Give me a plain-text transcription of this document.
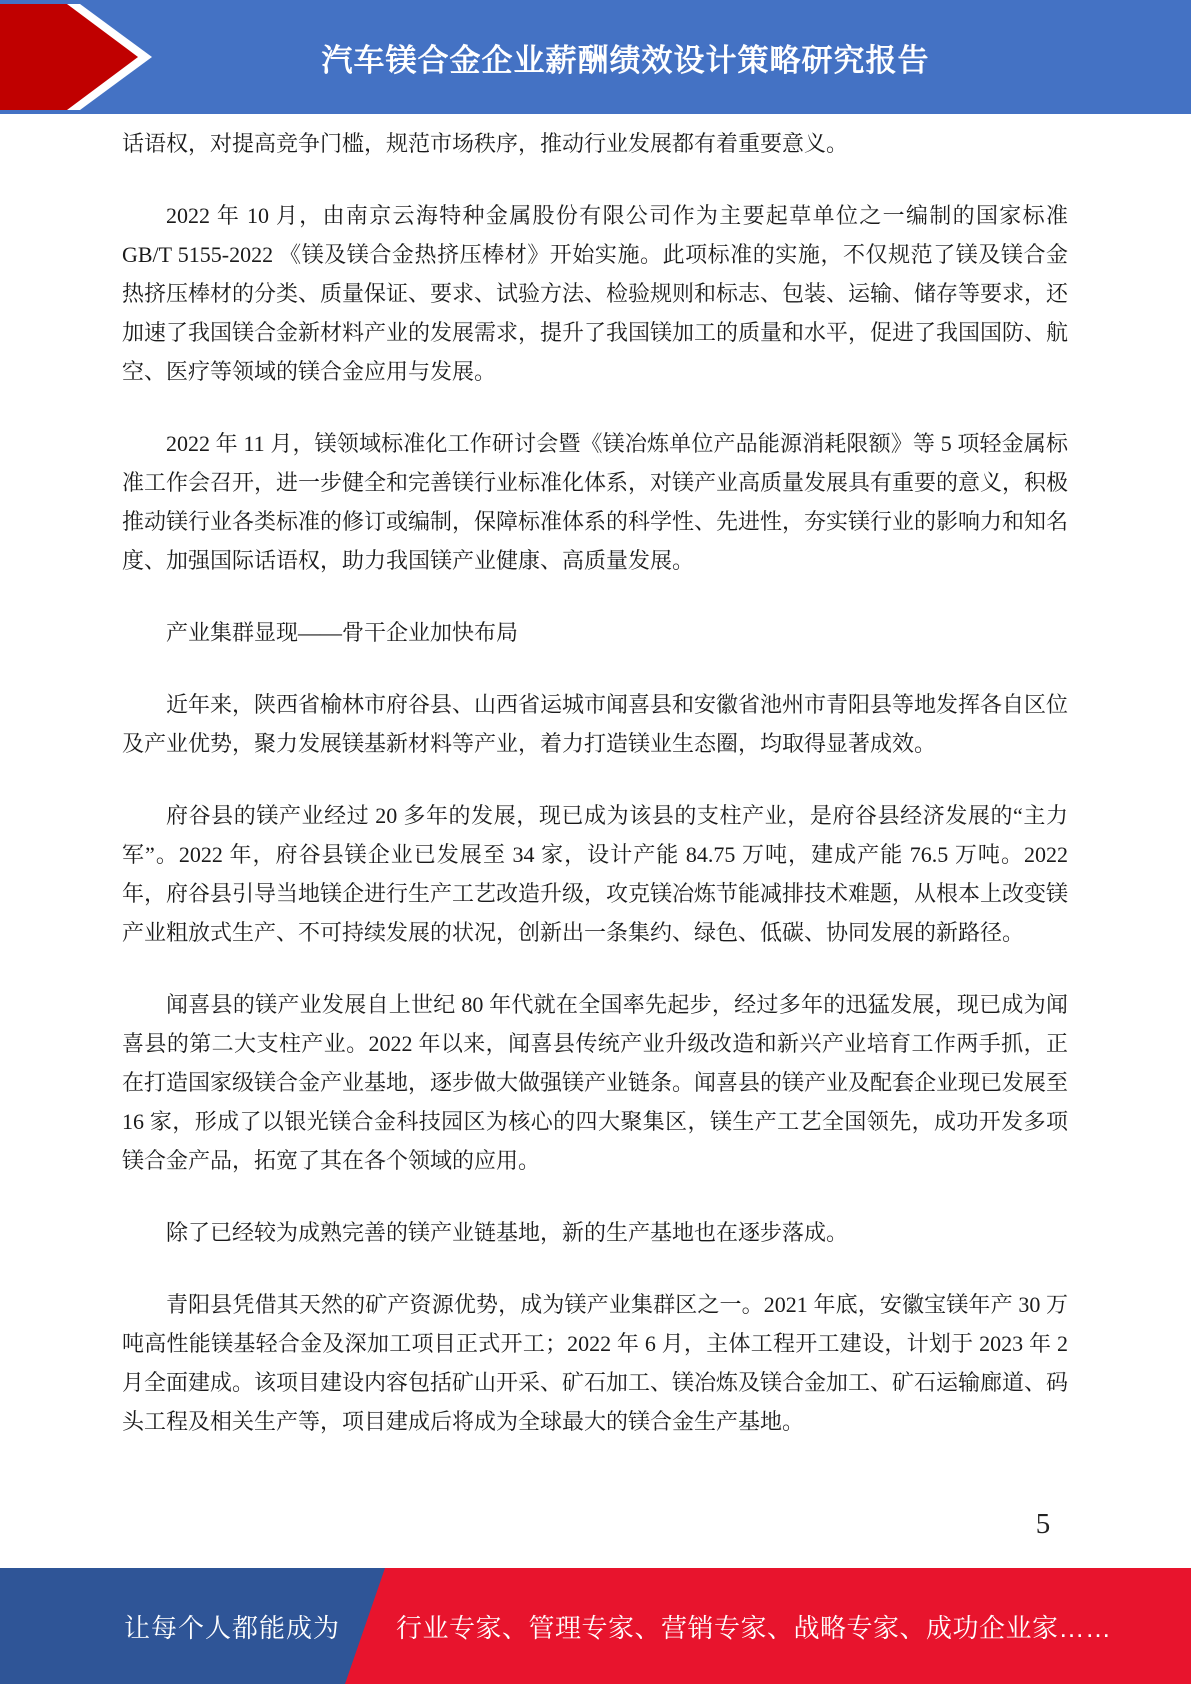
汽车镁合金企业薪酬绩效设计策略研究报告

话语权，对提高竞争门槛，规范市场秩序，推动行业发展都有着重要意义。

2022 年 10 月，由南京云海特种金属股份有限公司作为主要起草单位之一编制的国家标准 GB/T 5155-2022 《镁及镁合金热挤压棒材》开始实施。此项标准的实施，不仅规范了镁及镁合金热挤压棒材的分类、质量保证、要求、试验方法、检验规则和标志、包装、运输、储存等要求，还加速了我国镁合金新材料产业的发展需求，提升了我国镁加工的质量和水平，促进了我国国防、航空、医疗等领域的镁合金应用与发展。

2022 年 11 月，镁领域标准化工作研讨会暨《镁冶炼单位产品能源消耗限额》等 5 项轻金属标准工作会召开，进一步健全和完善镁行业标准化体系，对镁产业高质量发展具有重要的意义，积极推动镁行业各类标准的修订或编制，保障标准体系的科学性、先进性，夯实镁行业的影响力和知名度、加强国际话语权，助力我国镁产业健康、高质量发展。

产业集群显现——骨干企业加快布局

近年来，陕西省榆林市府谷县、山西省运城市闻喜县和安徽省池州市青阳县等地发挥各自区位及产业优势，聚力发展镁基新材料等产业，着力打造镁业生态圈，均取得显著成效。

府谷县的镁产业经过 20 多年的发展，现已成为该县的支柱产业，是府谷县经济发展的“主力军”。2022 年，府谷县镁企业已发展至 34 家，设计产能 84.75 万吨，建成产能 76.5 万吨。2022 年，府谷县引导当地镁企进行生产工艺改造升级，攻克镁冶炼节能减排技术难题，从根本上改变镁产业粗放式生产、不可持续发展的状况，创新出一条集约、绿色、低碳、协同发展的新路径。

闻喜县的镁产业发展自上世纪 80 年代就在全国率先起步，经过多年的迅猛发展，现已成为闻喜县的第二大支柱产业。2022 年以来，闻喜县传统产业升级改造和新兴产业培育工作两手抓，正在打造国家级镁合金产业基地，逐步做大做强镁产业链条。闻喜县的镁产业及配套企业现已发展至 16 家，形成了以银光镁合金科技园区为核心的四大聚集区，镁生产工艺全国领先，成功开发多项镁合金产品，拓宽了其在各个领域的应用。

除了已经较为成熟完善的镁产业链基地，新的生产基地也在逐步落成。

青阳县凭借其天然的矿产资源优势，成为镁产业集群区之一。2021 年底，安徽宝镁年产 30 万吨高性能镁基轻合金及深加工项目正式开工；2022 年 6 月，主体工程开工建设，计划于 2023 年 2 月全面建成。该项目建设内容包括矿山开采、矿石加工、镁冶炼及镁合金加工、矿石运输廊道、码头工程及相关生产等，项目建成后将成为全球最大的镁合金生产基地。

5
让每个人都能成为 行业专家、管理专家、营销专家、战略专家、成功企业家……
